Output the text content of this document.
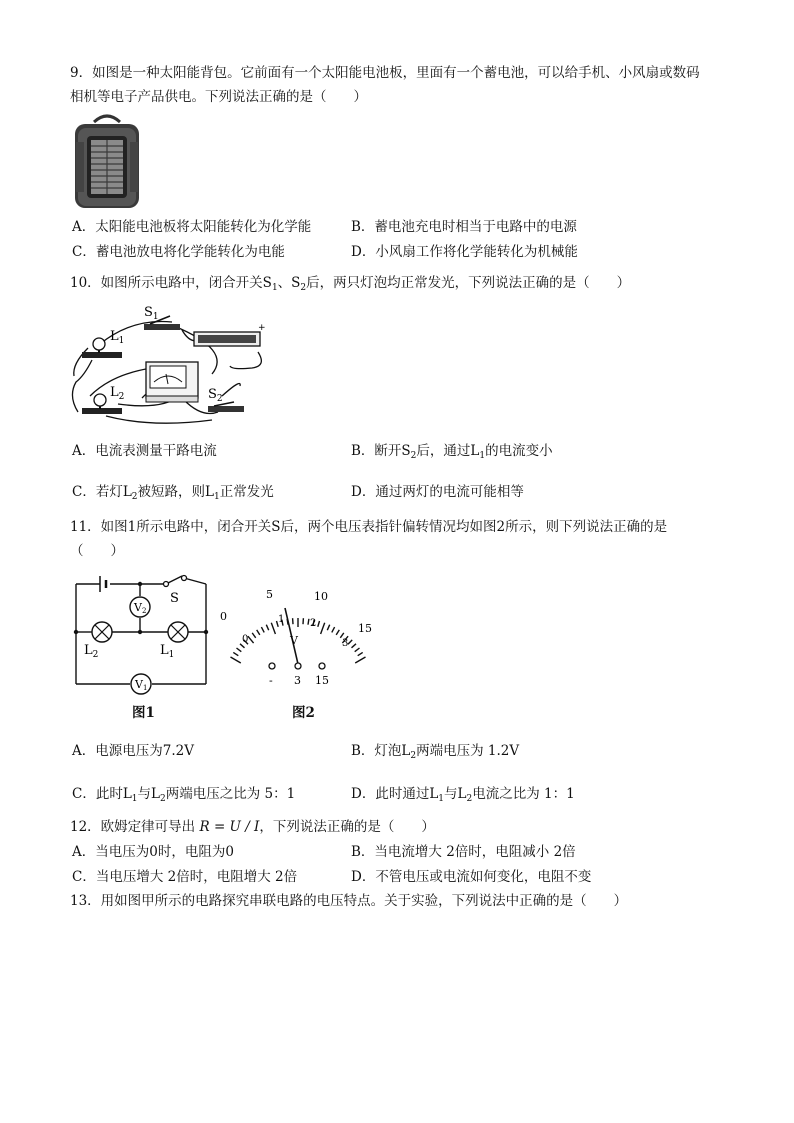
9．如图是一种太阳能背包。它前面有一个太阳能电池板，里面有一个蓄电池，可以给手机、小风扇或数码
相机等电子产品供电。下列说法正确的是（　　）
A．太阳能电池板将太阳能转化为化学能	B．蓄电池充电时相当于电路中的电源
C．蓄电池放电将化学能转化为电能	D．小风扇工作将化学能转化为机械能
10．如图所示电路中，闭合开关$S_1$、$S_2$后，两只灯泡均正常发光，下列说法正确的是（　　）
$L_1$
$L_2$
$S_1$
+
$S_2$
A．电流表测量干路电流	B．断开$S_2$后，通过$L_1$的电流变小
C．若灯$L_2$被短路，则$L_1$正常发光	D．通过两灯的电流可能相等
11．如图1所示电路中，闭合开关S后，两个电压表指针偏转情况均如图2所示，则下列说法正确的是
（　　）
S
V2
$L_2$	$L_1$
V1
图1
0
5	10
15
0
1	2
3
V
- 3 15
图2
A．电源电压为7.2V	B．灯泡$L_2$两端电压为 1.2V
C．此时$L_1$与$L_2$两端电压之比为 5：1	D．此时通过$L_1$与$L_2$电流之比为 1：1
12．欧姆定律可导出 R = U / I，下列说法正确的是（　　）
A．当电压为0时，电阻为0	B．当电流增大 2倍时，电阻减小 2倍
C．当电压增大 2倍时，电阻增大 2倍	D．不管电压或电流如何变化，电阻不变
13．用如图甲所示的电路探究串联电路的电压特点。关于实验，下列说法中正确的是（　　）
